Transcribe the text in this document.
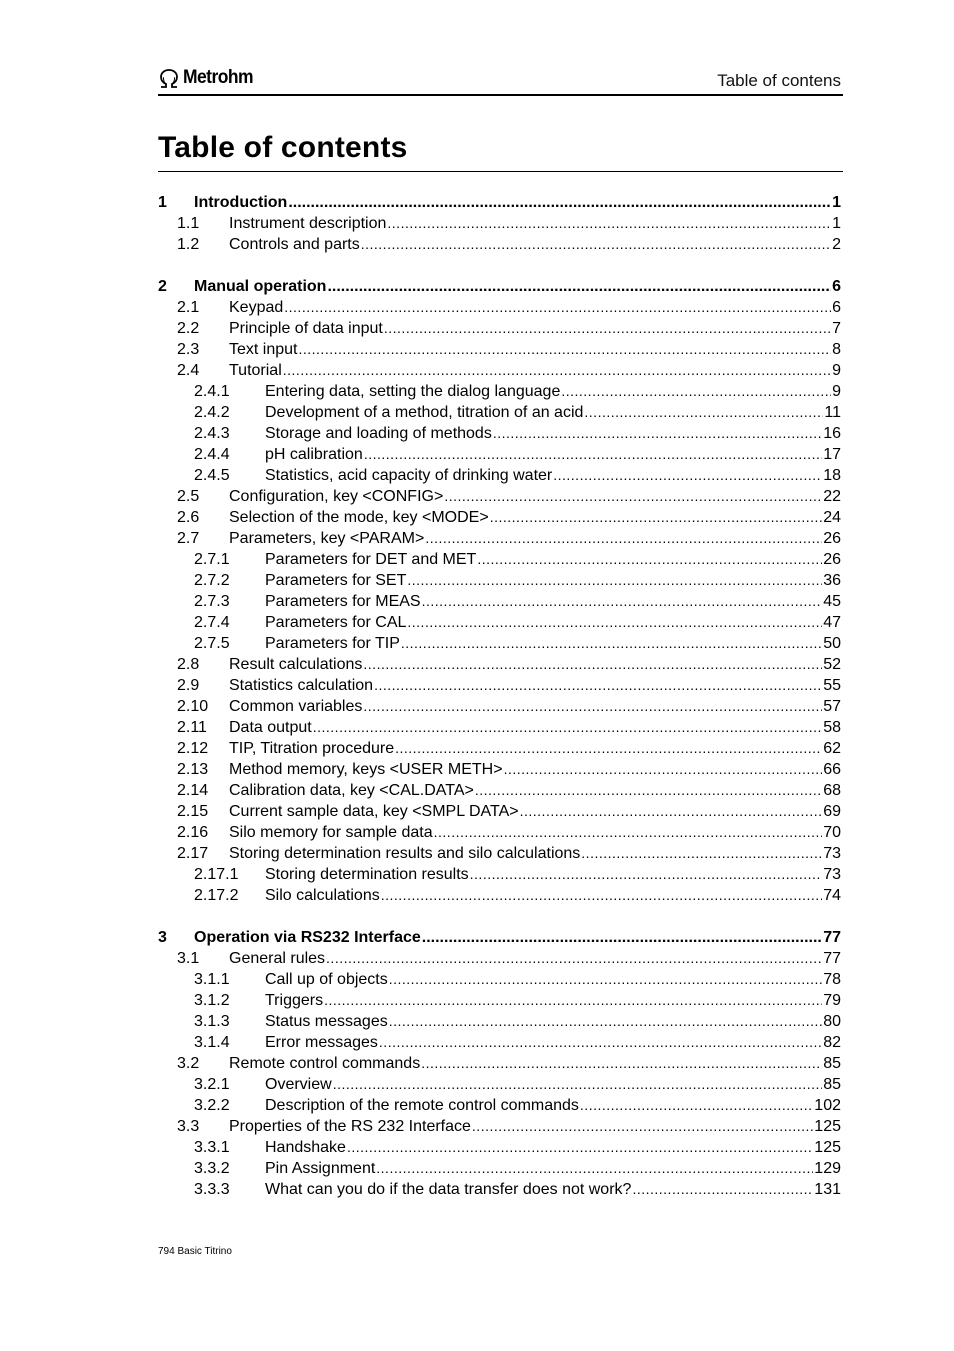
Metrohm	Table of contens
Table of contents
1 Introduction .....	1
1.1 Instrument description .....	1
1.2 Controls and parts .....	2
2 Manual operation .....	6
2.1 Keypad .....	6
2.2 Principle of data input .....	7
2.3 Text input .....	8
2.4 Tutorial .....	9
2.4.1 Entering data, setting the dialog language .....	9
2.4.2 Development of a method, titration of an acid .....	11
2.4.3 Storage and loading of methods .....	16
2.4.4 pH calibration .....	17
2.4.5 Statistics, acid capacity of drinking water .....	18
2.5 Configuration, key <CONFIG> .....	22
2.6 Selection of the mode, key <MODE> .....	24
2.7 Parameters, key <PARAM> .....	26
2.7.1 Parameters for DET and MET .....	26
2.7.2 Parameters for SET .....	36
2.7.3 Parameters for MEAS .....	45
2.7.4 Parameters for CAL .....	47
2.7.5 Parameters for TIP .....	50
2.8 Result calculations .....	52
2.9 Statistics calculation .....	55
2.10 Common variables .....	57
2.11 Data output .....	58
2.12 TIP, Titration procedure .....	62
2.13 Method memory, keys <USER METH> .....	66
2.14 Calibration data, key <CAL.DATA> .....	68
2.15 Current sample data, key <SMPL DATA> .....	69
2.16 Silo memory for sample data .....	70
2.17 Storing determination results and silo calculations .....	73
2.17.1 Storing determination results .....	73
2.17.2 Silo calculations .....	74
3 Operation via RS232 Interface .....	77
3.1 General rules .....	77
3.1.1 Call up of objects .....	78
3.1.2 Triggers .....	79
3.1.3 Status messages .....	80
3.1.4 Error messages .....	82
3.2 Remote control commands .....	85
3.2.1 Overview .....	85
3.2.2 Description of the remote control commands .....	102
3.3 Properties of the RS 232 Interface .....	125
3.3.1 Handshake .....	125
3.3.2 Pin Assignment .....	129
3.3.3 What can you do if the data transfer does not work? .....	131
794 Basic Titrino
